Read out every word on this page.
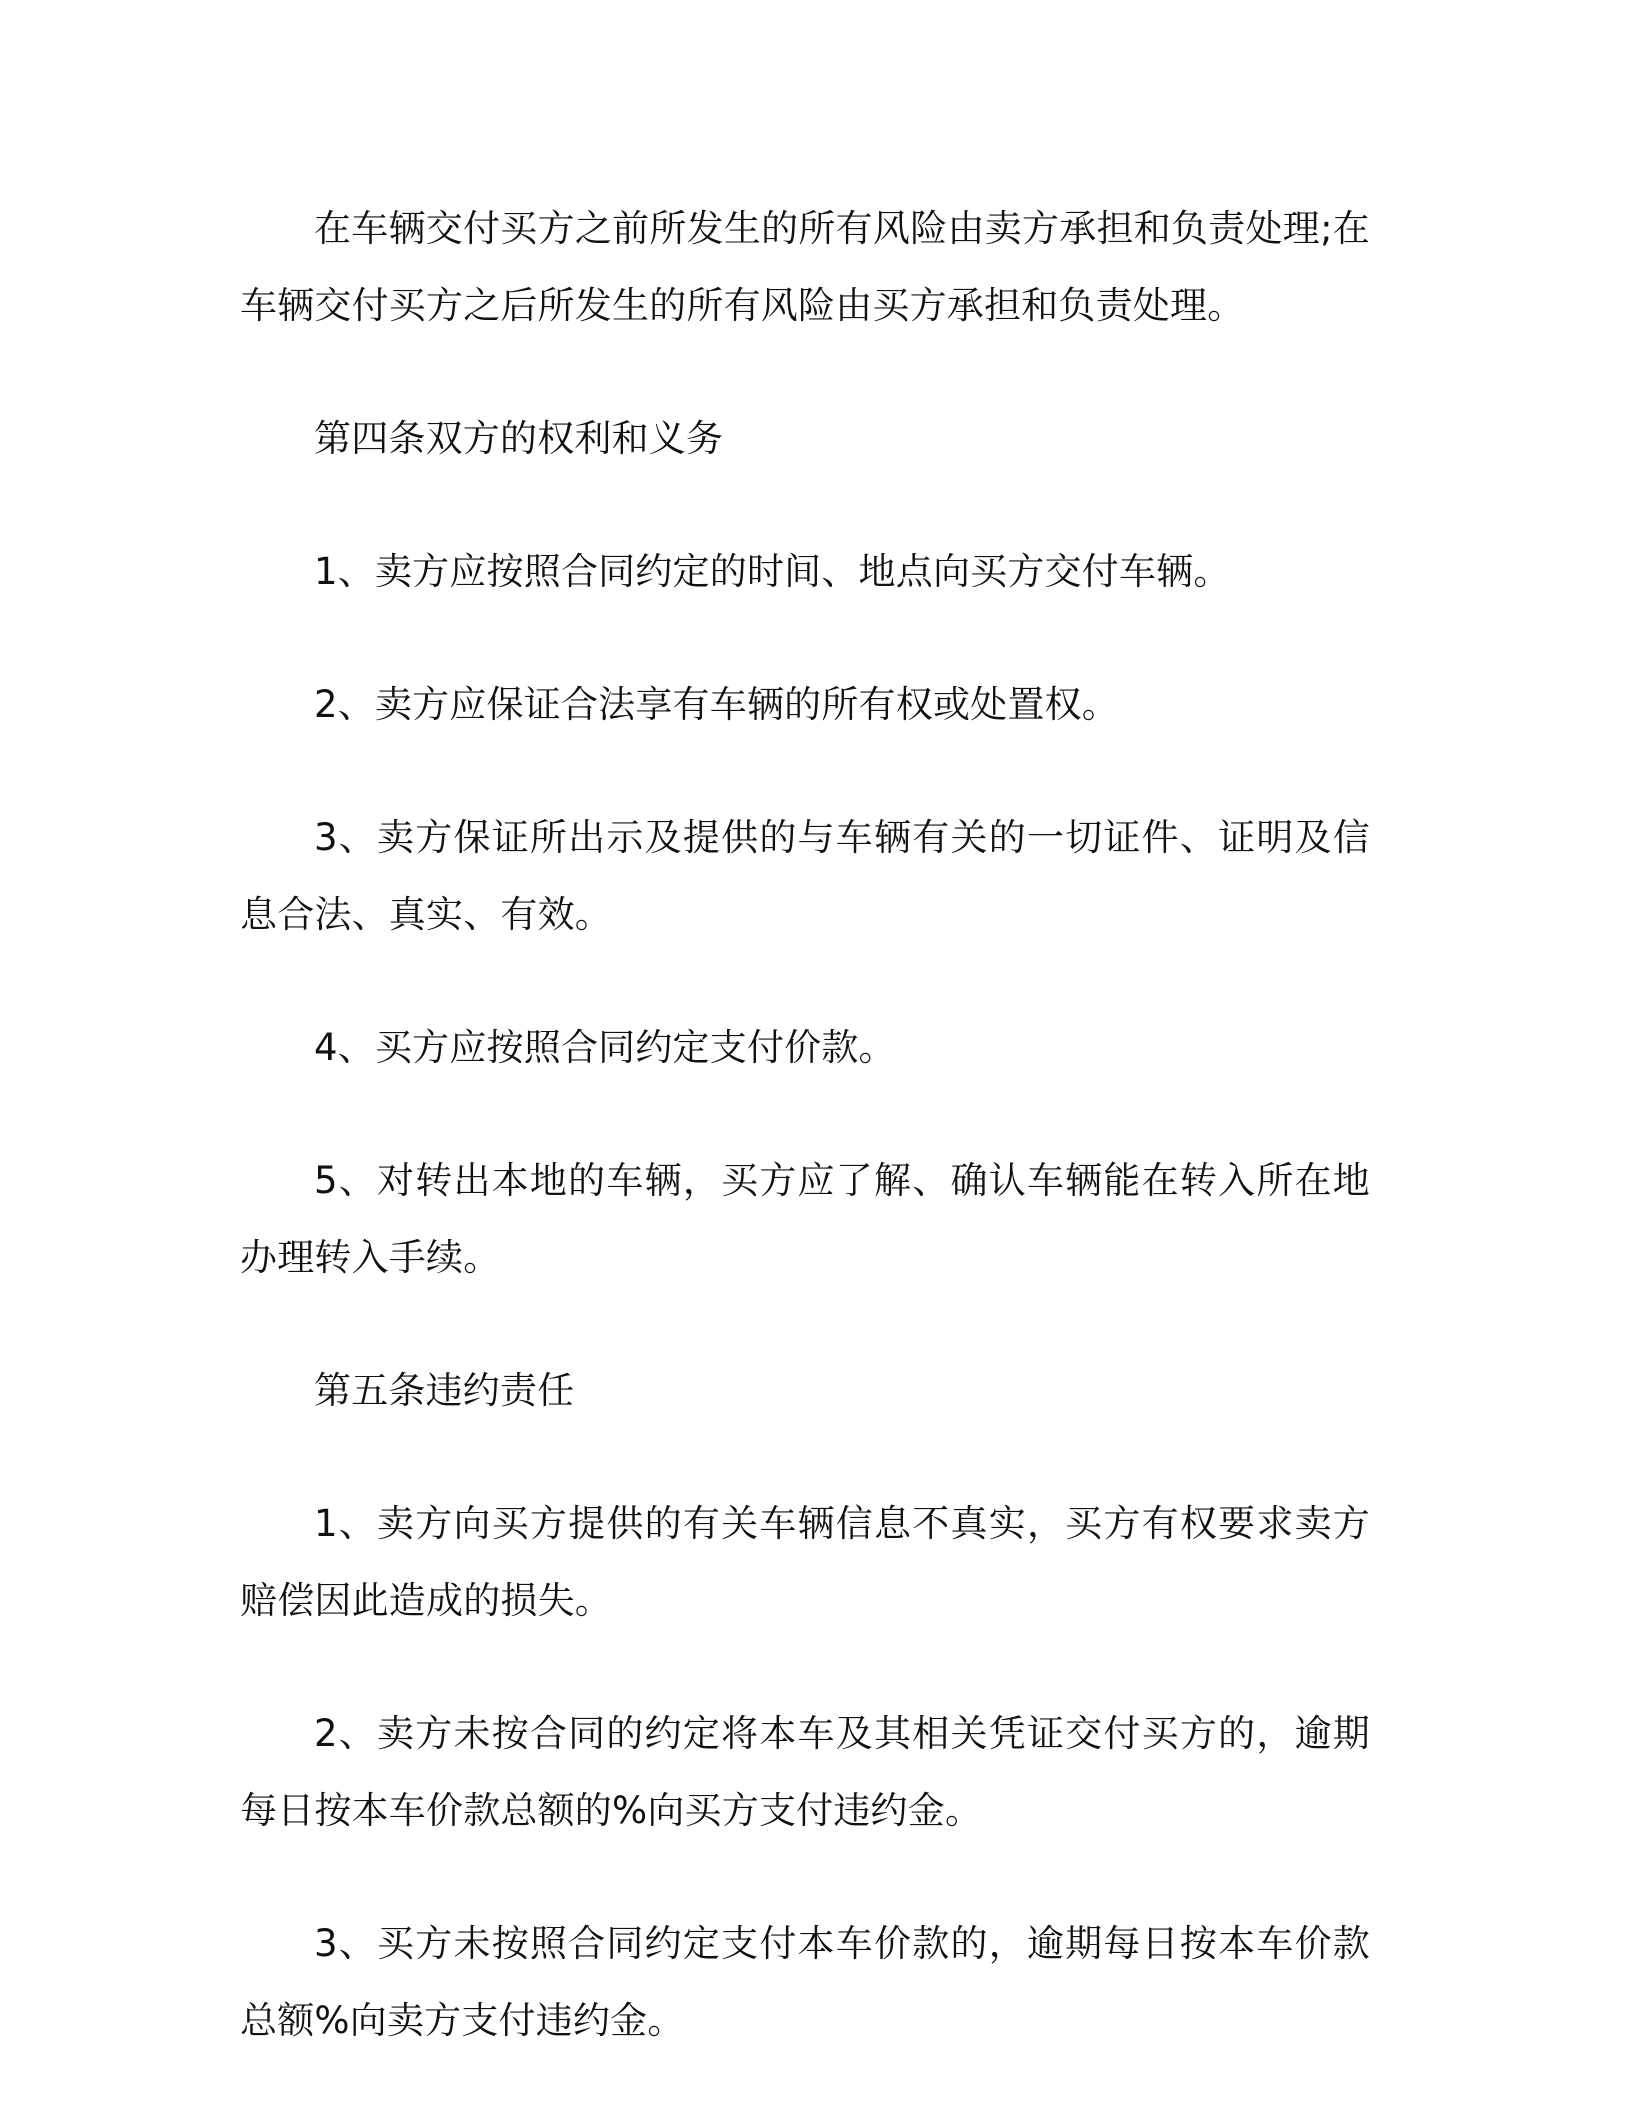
在车辆交付买方之前所发生的所有风险由卖方承担和负责处理;在车辆交付买方之后所发生的所有风险由买方承担和负责处理。

第四条双方的权利和义务

1、卖方应按照合同约定的时间、地点向买方交付车辆。

2、卖方应保证合法享有车辆的所有权或处置权。

3、卖方保证所出示及提供的与车辆有关的一切证件、证明及信息合法、真实、有效。

4、买方应按照合同约定支付价款。

5、对转出本地的车辆，买方应了解、确认车辆能在转入所在地办理转入手续。

第五条违约责任

1、卖方向买方提供的有关车辆信息不真实，买方有权要求卖方赔偿因此造成的损失。

2、卖方未按合同的约定将本车及其相关凭证交付买方的，逾期每日按本车价款总额的%向买方支付违约金。

3、买方未按照合同约定支付本车价款的，逾期每日按本车价款总额%向卖方支付违约金。
